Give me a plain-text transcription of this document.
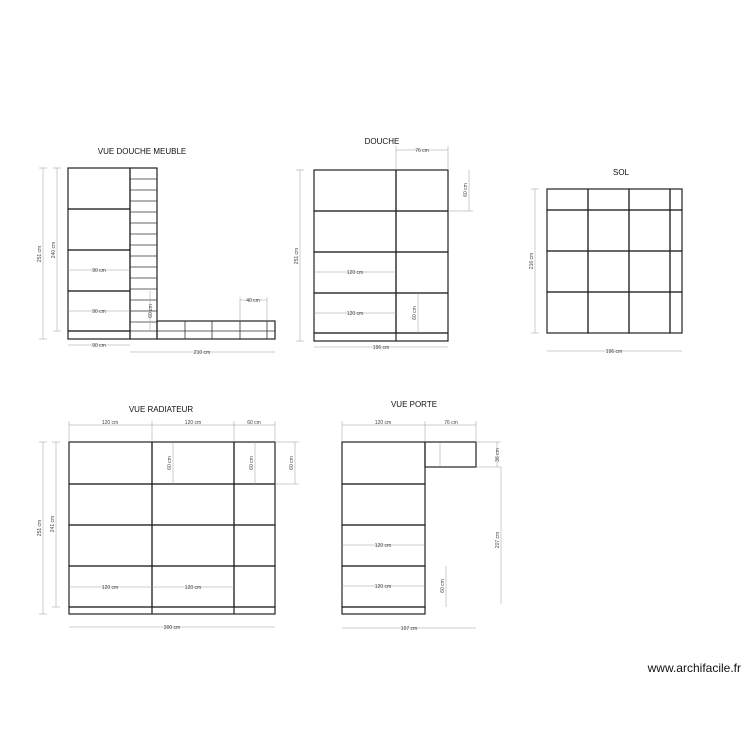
VUE DOUCHE MEUBLE
251 cm 240 cm
90 cm
90 cm	60 cm
40 cm
90 cm
210 cm
DOUCHE
76 cm
60 cm
251 cm
120 cm
120 cm	60 cm
196 cm
SOL
216 cm
196 cm
VUE RADIATEUR
120 cm	120 cm	60 cm
251 cm 241 cm
60 cm	60 cm	60 cm
120 cm	120 cm
300 cm
VUE PORTE
120 cm	76 cm
36 cm
207 cm
120 cm
120 cm	60 cm
197 cm
www.archifacile.fr
